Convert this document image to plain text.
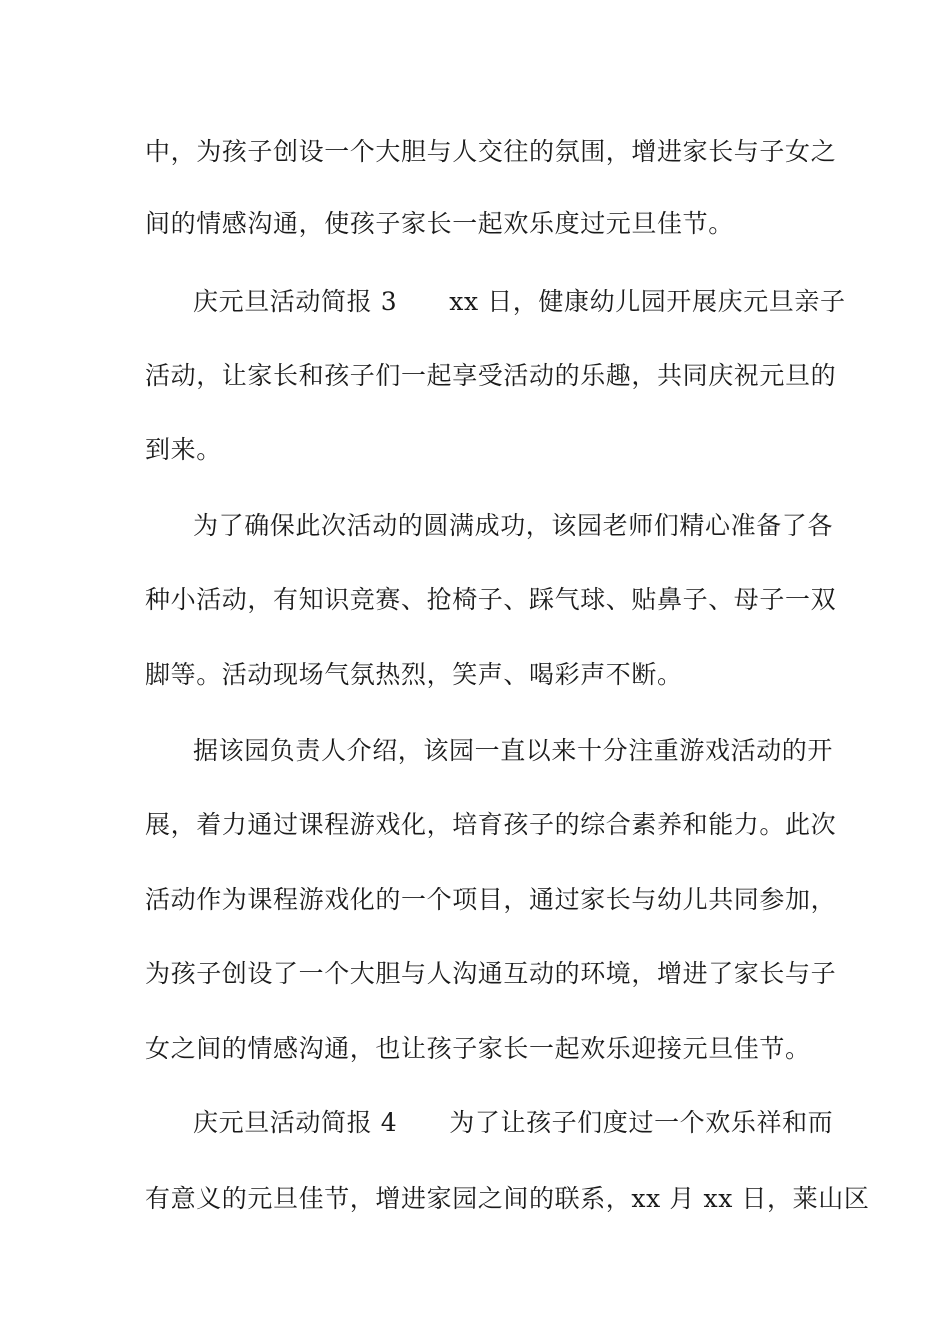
中，为孩子创设一个大胆与人交往的氛围，增进家长与子女之
间的情感沟通，使孩子家长一起欢乐度过元旦佳节。
庆元旦活动简报 3 xx 日，健康幼儿园开展庆元旦亲子
活动，让家长和孩子们一起享受活动的乐趣，共同庆祝元旦的
到来。
为了确保此次活动的圆满成功，该园老师们精心准备了各
种小活动，有知识竞赛、抢椅子、踩气球、贴鼻子、母子一双
脚等。活动现场气氛热烈，笑声、喝彩声不断。
据该园负责人介绍，该园一直以来十分注重游戏活动的开
展，着力通过课程游戏化，培育孩子的综合素养和能力。此次
活动作为课程游戏化的一个项目，通过家长与幼儿共同参加，
为孩子创设了一个大胆与人沟通互动的环境，增进了家长与子
女之间的情感沟通，也让孩子家长一起欢乐迎接元旦佳节。
庆元旦活动简报 4 为了让孩子们度过一个欢乐祥和而
有意义的元旦佳节，增进家园之间的联系，xx 月 xx 日，莱山区
